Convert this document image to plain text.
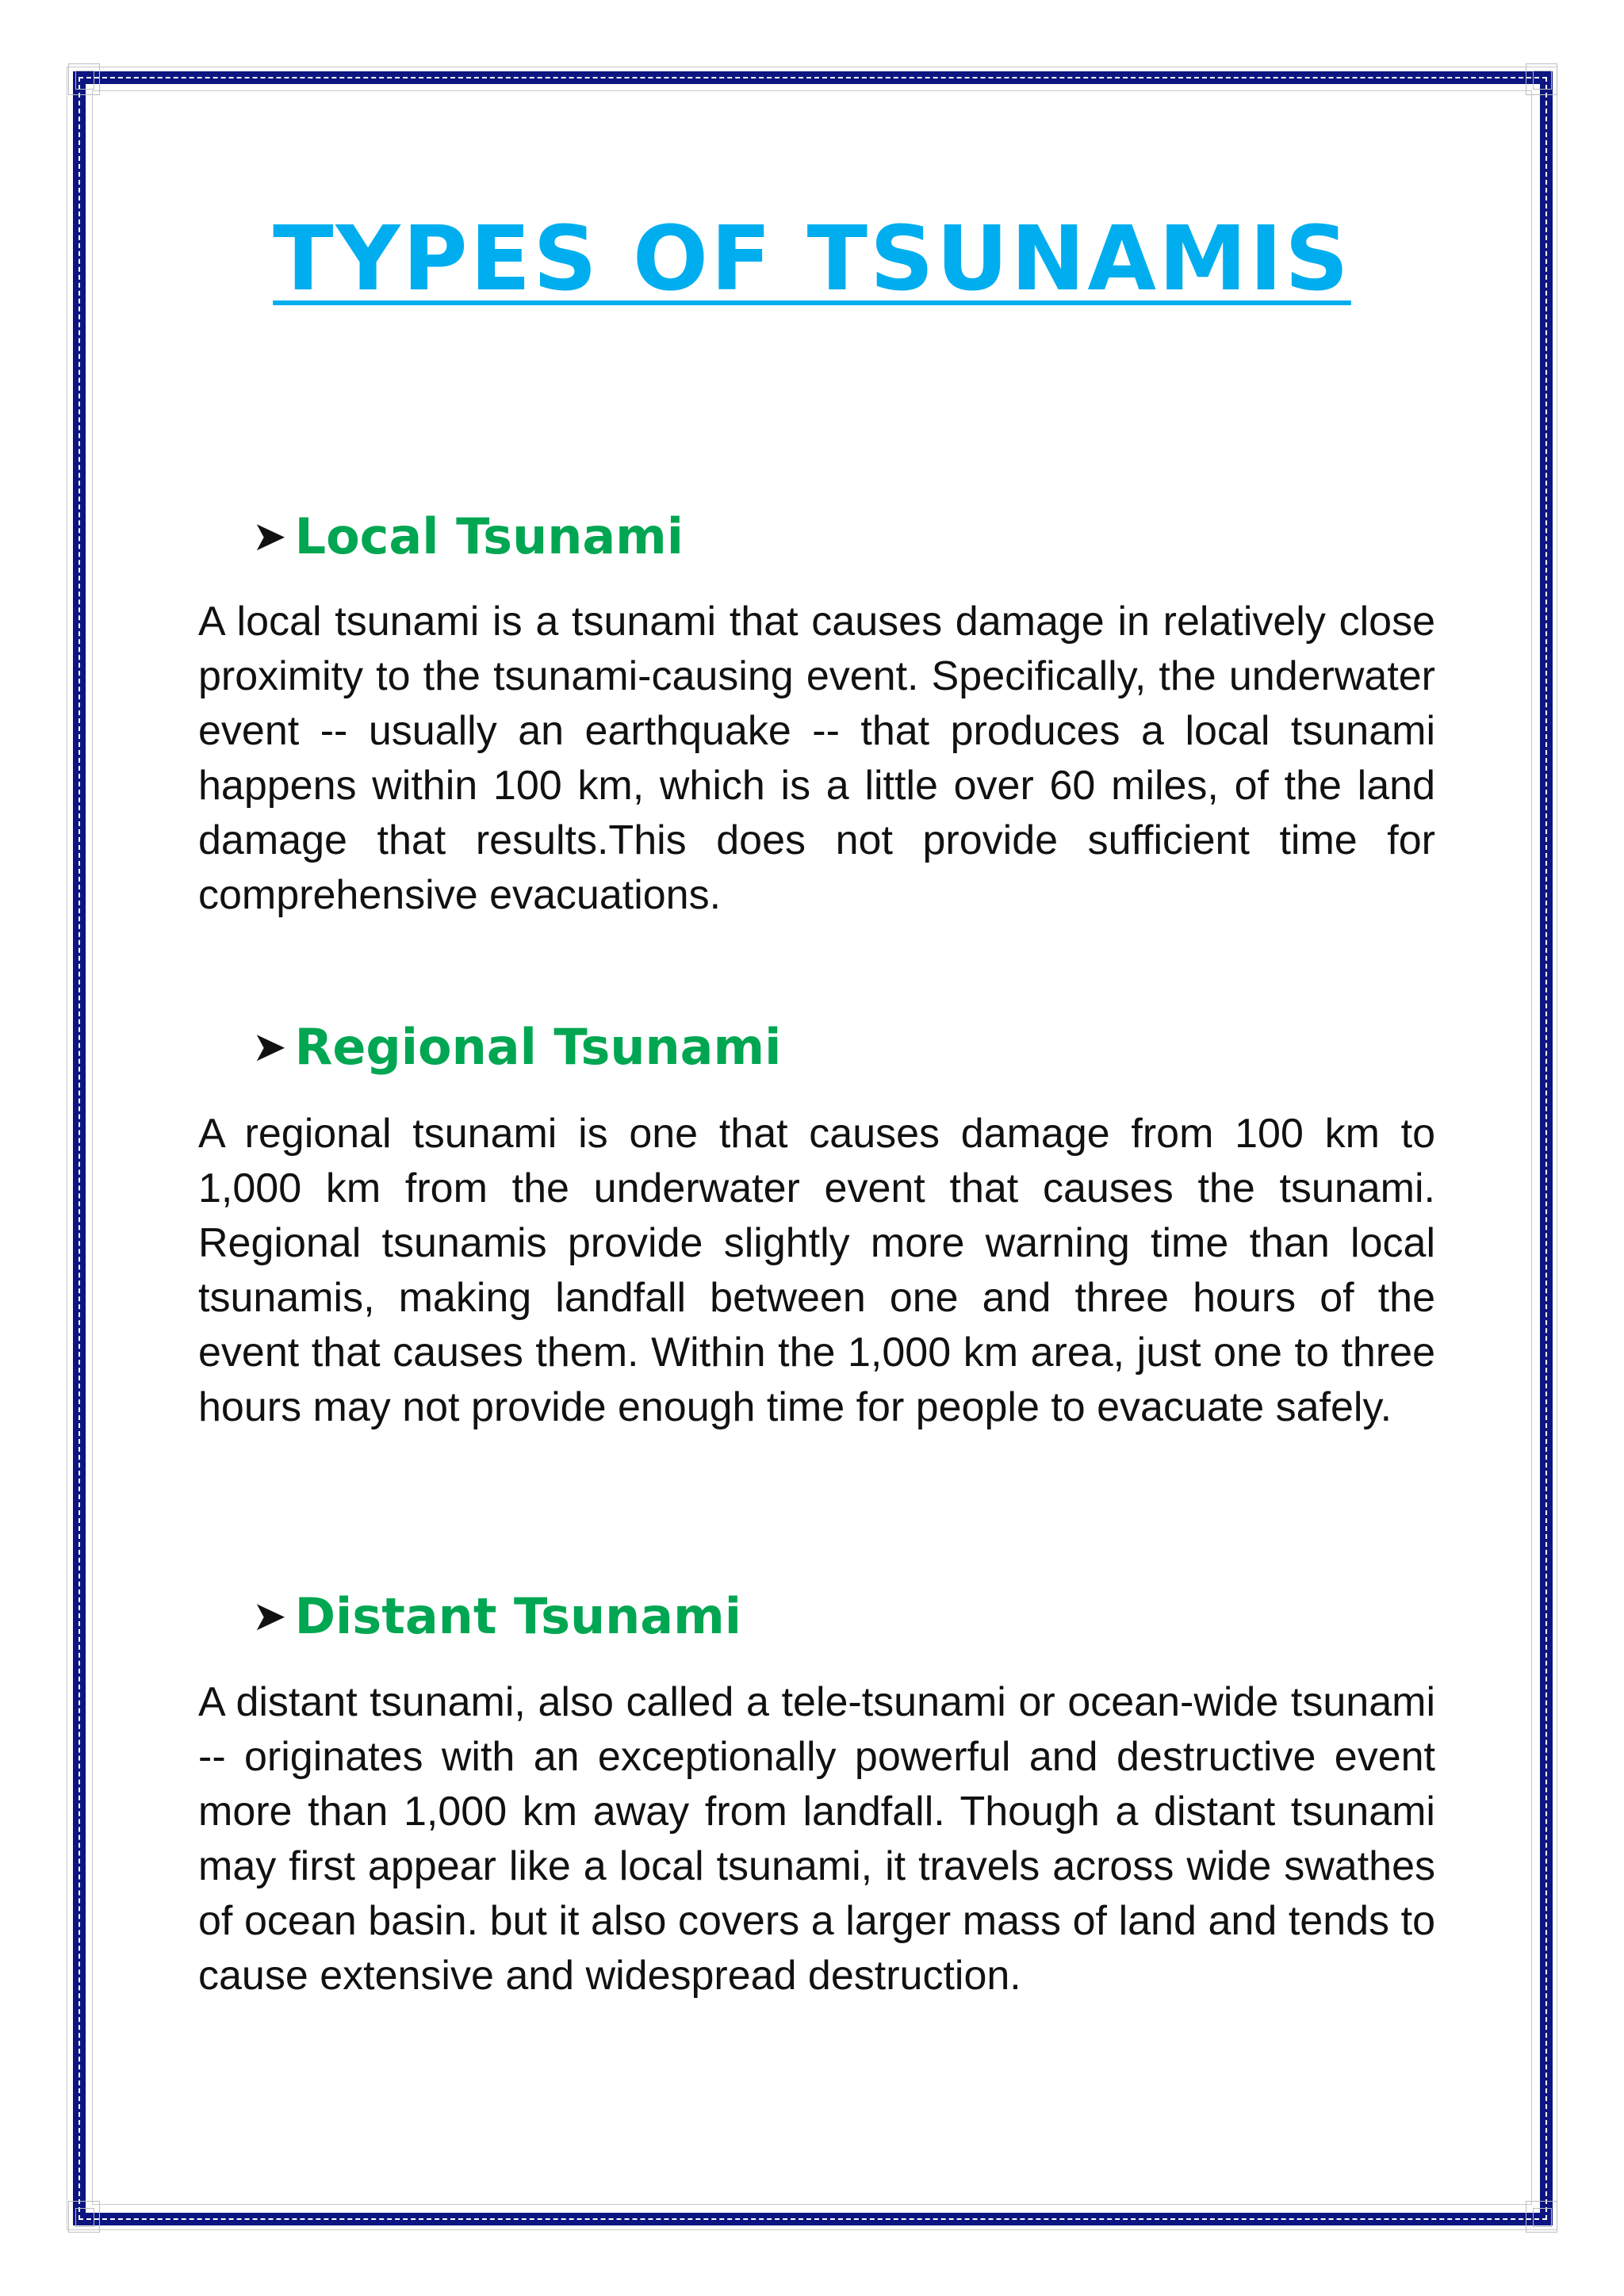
TYPES OF TSUNAMIS
➤ Local Tsunami

A local tsunami is a tsunami that causes damage in relatively close proximity to the tsunami-causing event. Specifically, the underwater event -- usually an earthquake -- that produces a local tsunami happens within 100 km, which is a little over 60 miles, of the land damage that results.This does not provide sufficient time for comprehensive evacuations.

➤ Regional Tsunami

A regional tsunami is one that causes damage from 100 km to 1,000 km from the underwater event that causes the tsunami. Regional tsunamis provide slightly more warning time than local tsunamis, making landfall between one and three hours of the event that causes them. Within the 1,000 km area, just one to three hours may not provide enough time for people to evacuate safely.

➤ Distant Tsunami

A distant tsunami, also called a tele-tsunami or ocean-wide tsunami -- originates with an exceptionally powerful and destructive event more than 1,000 km away from landfall. Though a distant tsunami may first appear like a local tsunami, it travels across wide swathes of ocean basin. but it also covers a larger mass of land and tends to cause extensive and widespread destruction.
